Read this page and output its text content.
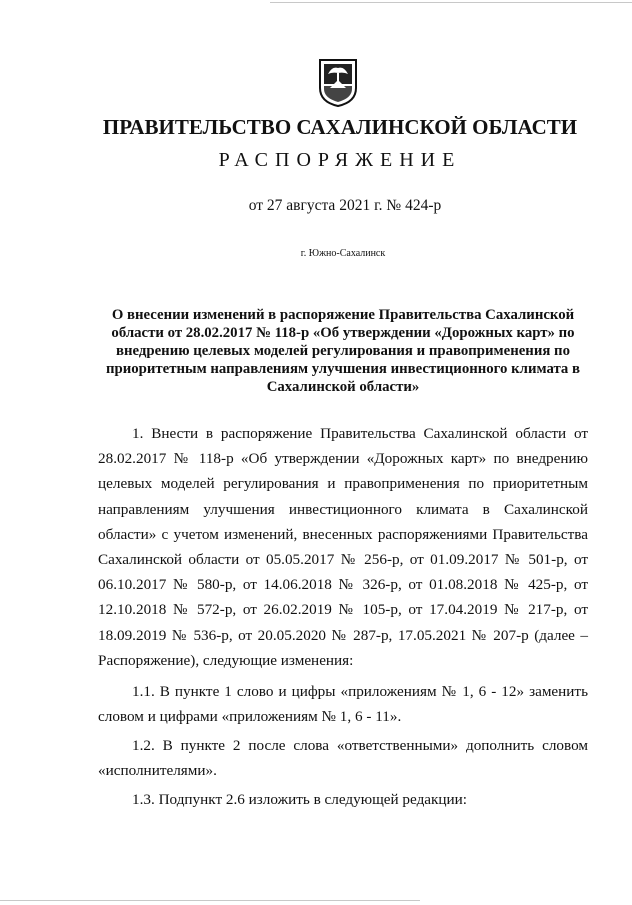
ПРАВИТЕЛЬСТВО САХАЛИНСКОЙ ОБЛАСТИ
РАСПОРЯЖЕНИЕ
от 27 августа 2021 г. № 424-р
г. Южно-Сахалинск
О внесении изменений в распоряжение Правительства Сахалинской области от 28.02.2017 № 118-р «Об утверждении «Дорожных карт» по внедрению целевых моделей регулирования и правоприменения по приоритетным направлениям улучшения инвестиционного климата в Сахалинской области»
1. Внести в распоряжение Правительства Сахалинской области от 28.02.2017 № 118-р «Об утверждении «Дорожных карт» по внедрению целевых моделей регулирования и правоприменения по приоритетным направлениям улучшения инвестиционного климата в Сахалинской области» с учетом изменений, внесенных распоряжениями Правительства Сахалинской области от 05.05.2017 № 256-р, от 01.09.2017 № 501-р, от 06.10.2017 № 580-р, от 14.06.2018 № 326-р, от 01.08.2018 № 425-р, от 12.10.2018 № 572-р, от 26.02.2019 № 105-р, от 17.04.2019 № 217-р, от 18.09.2019 № 536-р, от 20.05.2020 № 287-р, 17.05.2021 № 207-р (далее – Распоряжение), следующие изменения:
1.1. В пункте 1 слово и цифры «приложениям № 1, 6 - 12» заменить словом и цифрами «приложениям № 1, 6 - 11».
1.2. В пункте 2 после слова «ответственными» дополнить словом «исполнителями».
1.3. Подпункт 2.6 изложить в следующей редакции:
